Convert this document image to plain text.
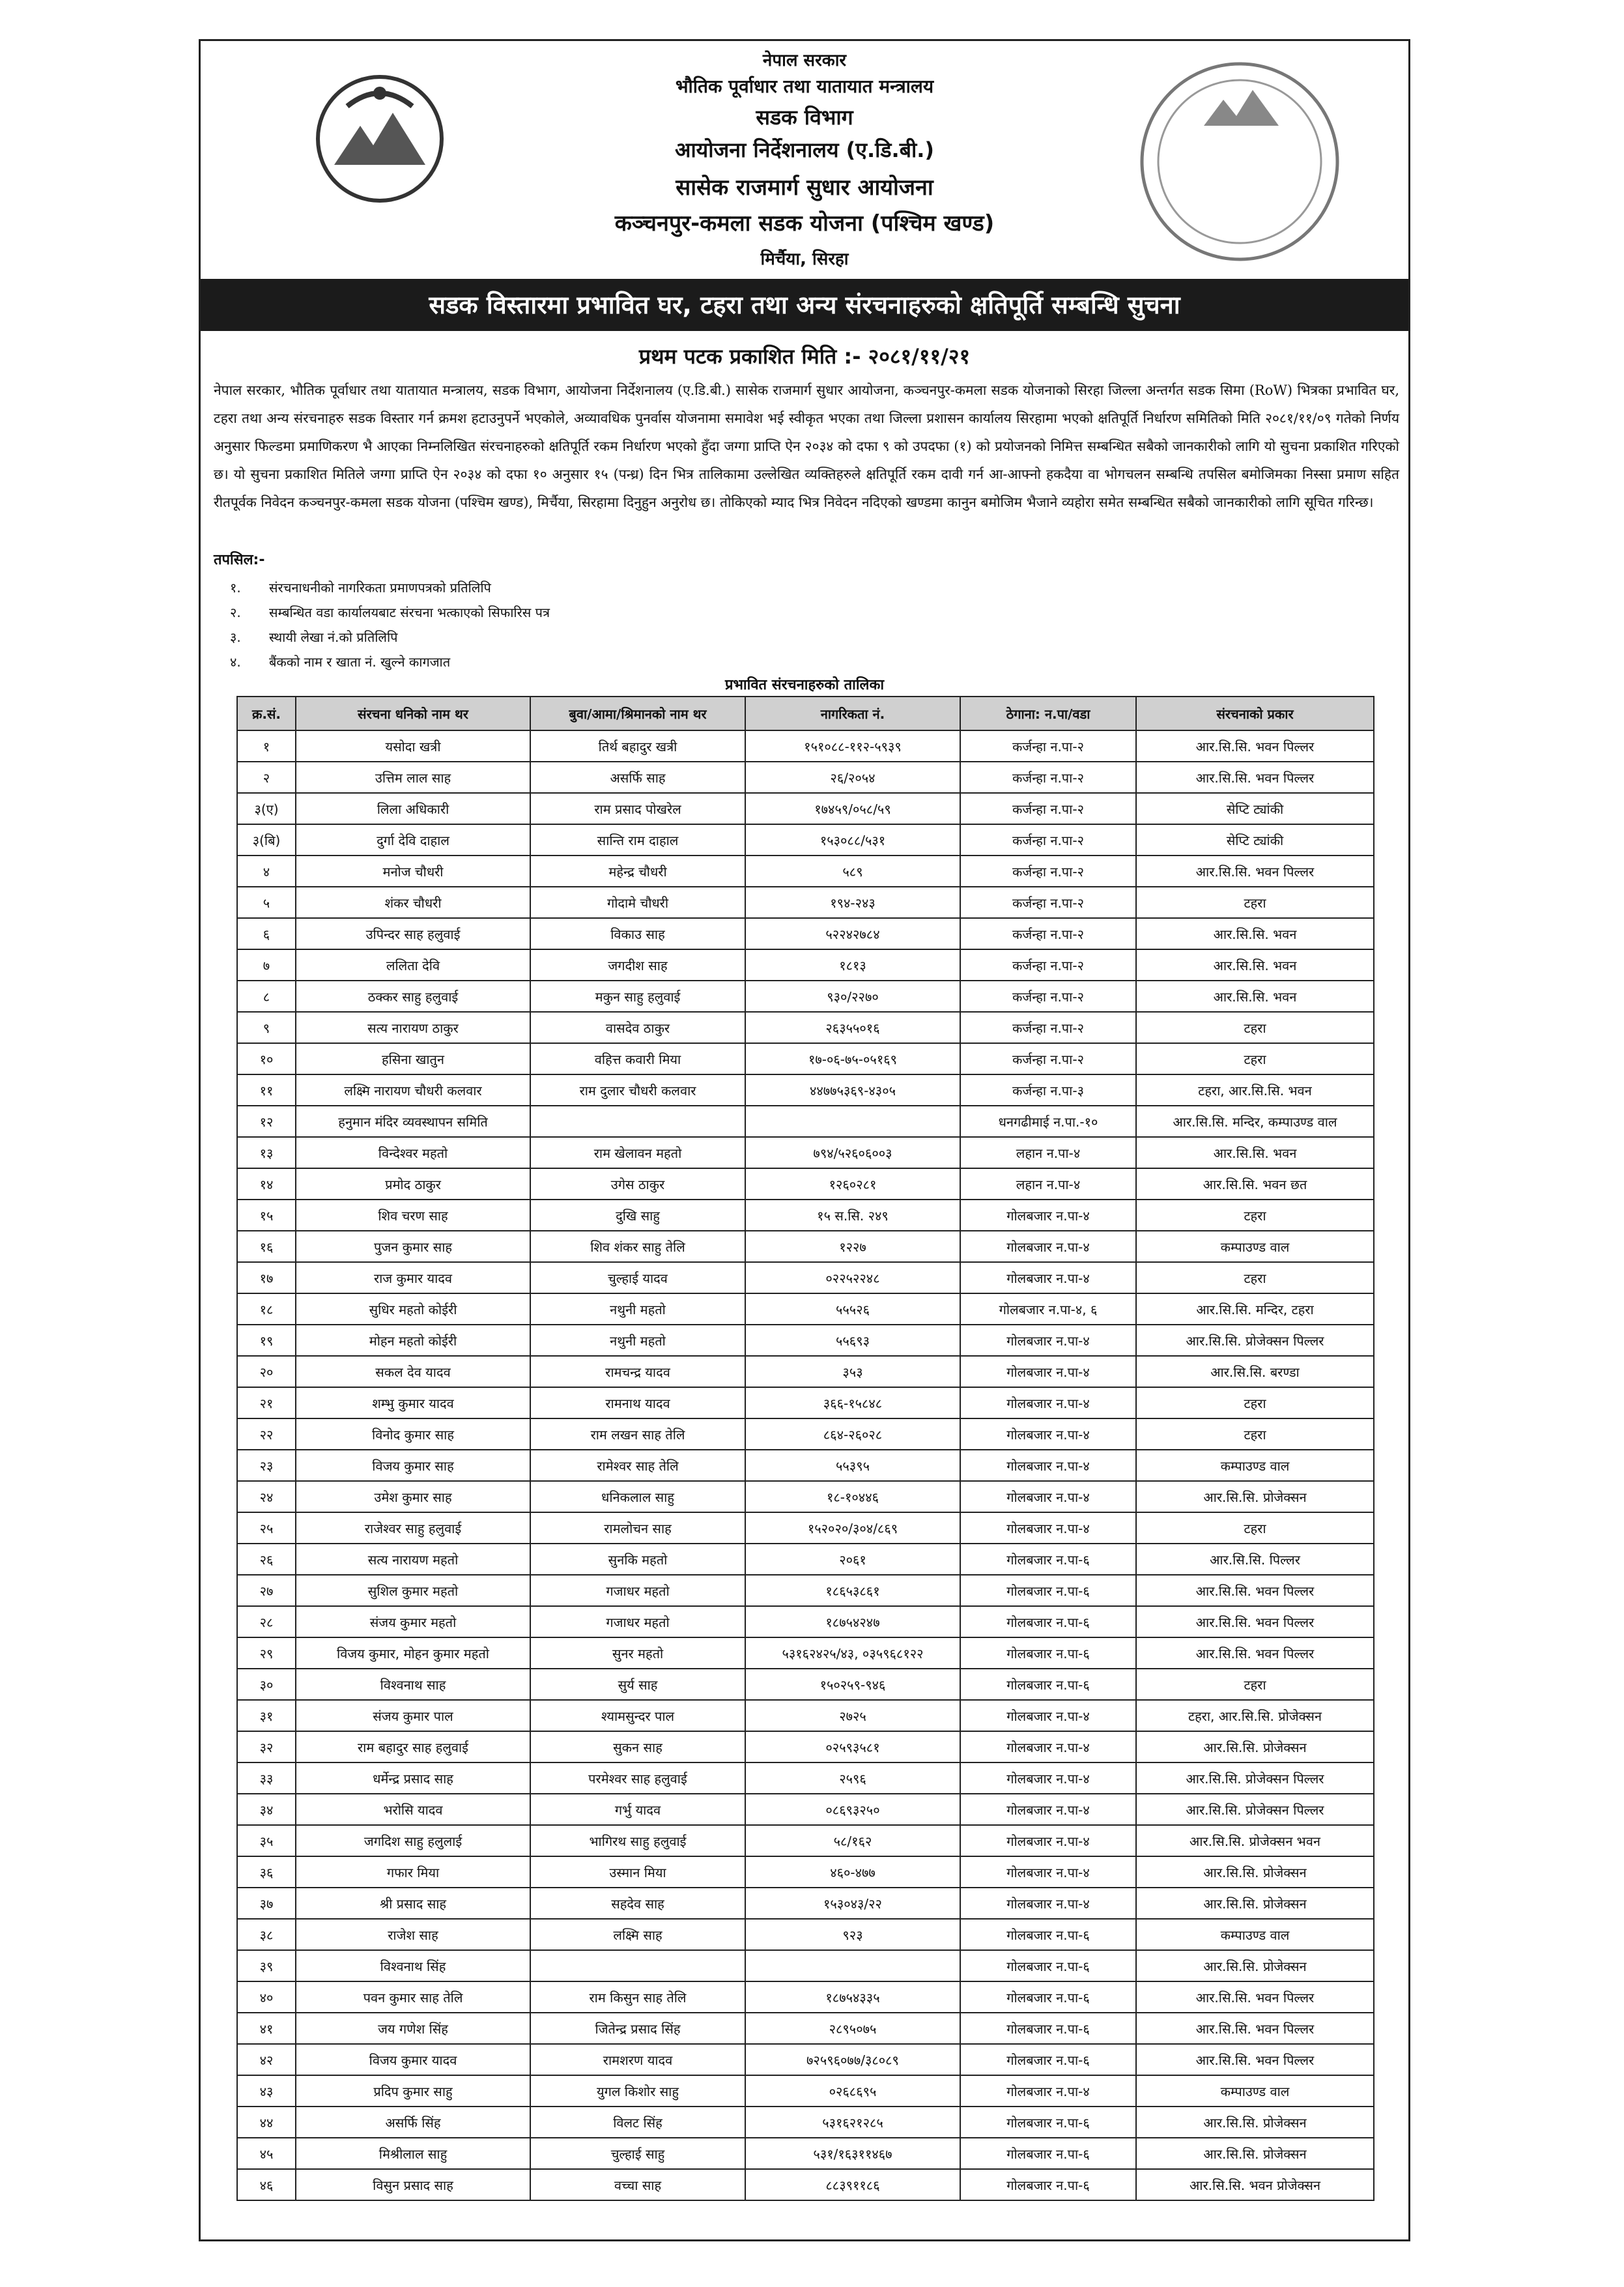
नेपाल सरकार
भौतिक पूर्वाधार तथा यातायात मन्त्रालय
सडक विभाग
आयोजना निर्देशनालय (ए.डि.बी.)
सासेक राजमार्ग सुधार आयोजना
कञ्चनपुर-कमला सडक योजना (पश्चिम खण्ड)
मिर्चैया, सिरहा
सडक विस्तारमा प्रभावित घर, टहरा तथा अन्य संरचनाहरुको क्षतिपूर्ति सम्बन्धि सुचना
प्रथम पटक प्रकाशित मिति :- २०८१/११/२१
नेपाल सरकार, भौतिक पूर्वाधार तथा यातायात मन्त्रालय, सडक विभाग, आयोजना निर्देशनालय (ए.डि.बी.) सासेक राजमार्ग सुधार आयोजना, कञ्चनपुर-कमला सडक योजनाको सिरहा जिल्ला अन्तर्गत सडक सिमा (RoW) भित्रका प्रभावित घर, टहरा तथा अन्य संरचनाहरु सडक विस्तार गर्न क्रमश हटाउनुपर्ने भएकोले, अव्यावधिक पुनर्वास योजनामा समावेश भई स्वीकृत भएका तथा जिल्ला प्रशासन कार्यालय सिरहामा भएको क्षतिपूर्ति निर्धारण समितिको मिति २०८१/११/०९ गतेको निर्णय अनुसार फिल्डमा प्रमाणिकरण भै आएका निम्नलिखित संरचनाहरुको क्षतिपूर्ति रकम निर्धारण भएको हुँदा जग्गा प्राप्ति ऐन २०३४ को दफा ९ को उपदफा (१) को प्रयोजनको निमित्त सम्बन्धित सबैको जानकारीको लागि यो सुचना प्रकाशित गरिएको छ। यो सुचना प्रकाशित मितिले जग्गा प्राप्ति ऐन २०३४ को दफा १० अनुसार १५ (पन्ध्र) दिन भित्र तालिकामा उल्लेखित व्यक्तिहरुले क्षतिपूर्ति रकम दावी गर्न आ-आफ्नो हकदैया वा भोगचलन सम्बन्धि तपसिल बमोजिमका निस्सा प्रमाण सहित रीतपूर्वक निवेदन कञ्चनपुर-कमला सडक योजना (पश्चिम खण्ड), मिर्चैया, सिरहामा दिनुहुन अनुरोध छ। तोकिएको म्याद भित्र निवेदन नदिएको खण्डमा कानुन बमोजिम भैजाने व्यहोरा समेत सम्बन्धित सबैको जानकारीको लागि सूचित गरिन्छ।
तपसिल:-
१. संरचनाधनीको नागरिकता प्रमाणपत्रको प्रतिलिपि
२. सम्बन्धित वडा कार्यालयबाट संरचना भत्काएको सिफारिस पत्र
३. स्थायी लेखा नं.को प्रतिलिपि
४. बैंकको नाम र खाता नं. खुल्ने कागजात
प्रभावित संरचनाहरुको तालिका
क्र.सं.	संरचना धनिको नाम थर	बुवा/आमा/श्रिमानको नाम थर	नागरिकता नं.	ठेगाना: न.पा/वडा	संरचनाको प्रकार
१	यसोदा खत्री	तिर्थ बहादुर खत्री	१५१०८८-११२-५९३९	कर्जन्हा न.पा-२	आर.सि.सि. भवन पिल्लर
२	उत्तिम लाल साह	असर्फि साह	२६/२०५४	कर्जन्हा न.पा-२	आर.सि.सि. भवन पिल्लर
३(ए)	लिला अधिकारी	राम प्रसाद पोखरेल	१७४५९/०५८/५९	कर्जन्हा न.पा-२	सेप्टि ट्यांकी
३(बि)	दुर्गा देवि दाहाल	सान्ति राम दाहाल	१५३०८८/५३१	कर्जन्हा न.पा-२	सेप्टि ट्यांकी
४	मनोज चौधरी	महेन्द्र चौधरी	५८९	कर्जन्हा न.पा-२	आर.सि.सि. भवन पिल्लर
५	शंकर चौधरी	गोदामे चौधरी	१९४-२४३	कर्जन्हा न.पा-२	टहरा
६	उपिन्दर साह हलुवाई	विकाउ साह	५२२४२७८४	कर्जन्हा न.पा-२	आर.सि.सि. भवन
७	ललिता देवि	जगदीश साह	१८१३	कर्जन्हा न.पा-२	आर.सि.सि. भवन
८	ठक्कर साहु हलुवाई	मकुन साहु हलुवाई	९३०/२२७०	कर्जन्हा न.पा-२	आर.सि.सि. भवन
९	सत्य नारायण ठाकुर	वासदेव ठाकुर	२६३५५०१६	कर्जन्हा न.पा-२	टहरा
१०	हसिना खातुन	वहित्त कवारी मिया	१७-०६-७५-०५१६९	कर्जन्हा न.पा-२	टहरा
११	लक्ष्मि नारायण चौधरी कलवार	राम दुलार चौधरी कलवार	४४७७५३६९-४३०५	कर्जन्हा न.पा-३	टहरा, आर.सि.सि. भवन
१२	हनुमान मंदिर व्यवस्थापन समिति			धनगढीमाई न.पा.-१०	आर.सि.सि. मन्दिर, कम्पाउण्ड वाल
१३	विन्देश्वर महतो	राम खेलावन महतो	७९४/५२६०६००३	लहान न.पा-४	आर.सि.सि. भवन
१४	प्रमोद ठाकुर	उगेस ठाकुर	१२६०२८१	लहान न.पा-४	आर.सि.सि. भवन छत
१५	शिव चरण साह	दुखि साहु	१५ स.सि. २४९	गोलबजार न.पा-४	टहरा
१६	पुजन कुमार साह	शिव शंकर साहु तेलि	१२२७	गोलबजार न.पा-४	कम्पाउण्ड वाल
१७	राज कुमार यादव	चुल्हाई यादव	०२२५२२४८	गोलबजार न.पा-४	टहरा
१८	सुधिर महतो कोईरी	नथुनी महतो	५५५२६	गोलबजार न.पा-४, ६	आर.सि.सि. मन्दिर, टहरा
१९	मोहन महतो कोईरी	नथुनी महतो	५५६९३	गोलबजार न.पा-४	आर.सि.सि. प्रोजेक्सन पिल्लर
२०	सकल देव यादव	रामचन्द्र यादव	३५३	गोलबजार न.पा-४	आर.सि.सि. बरण्डा
२१	शम्भु कुमार यादव	रामनाथ यादव	३६६-१५८४८	गोलबजार न.पा-४	टहरा
२२	विनोद कुमार साह	राम लखन साह तेलि	८६४-२६०२८	गोलबजार न.पा-४	टहरा
२३	विजय कुमार साह	रामेश्वर साह तेलि	५५३९५	गोलबजार न.पा-४	कम्पाउण्ड वाल
२४	उमेश कुमार साह	धनिकलाल साहु	१८-१०४४६	गोलबजार न.पा-४	आर.सि.सि. प्रोजेक्सन
२५	राजेश्वर साहु हलुवाई	रामलोचन साह	१५२०२०/३०४/८६९	गोलबजार न.पा-४	टहरा
२६	सत्य नारायण महतो	सुनकि महतो	२०६१	गोलबजार न.पा-६	आर.सि.सि. पिल्लर
२७	सुशिल कुमार महतो	गजाधर महतो	१८६५३८६१	गोलबजार न.पा-६	आर.सि.सि. भवन पिल्लर
२८	संजय कुमार महतो	गजाधर महतो	१८७५४२४७	गोलबजार न.पा-६	आर.सि.सि. भवन पिल्लर
२९	विजय कुमार, मोहन कुमार महतो	सुनर महतो	५३१६२४२५/४३, ०३५९६८१२२	गोलबजार न.पा-६	आर.सि.सि. भवन पिल्लर
३०	विश्वनाथ साह	सुर्य साह	१५०२५९-९४६	गोलबजार न.पा-६	टहरा
३१	संजय कुमार पाल	श्यामसुन्दर पाल	२७२५	गोलबजार न.पा-४	टहरा, आर.सि.सि. प्रोजेक्सन
३२	राम बहादुर साह हलुवाई	सुकन साह	०२५९३५८१	गोलबजार न.पा-४	आर.सि.सि. प्रोजेक्सन
३३	धर्मेन्द्र प्रसाद साह	परमेश्वर साह हलुवाई	२५९६	गोलबजार न.पा-४	आर.सि.सि. प्रोजेक्सन पिल्लर
३४	भरोसि यादव	गर्भु यादव	०८६९३२५०	गोलबजार न.पा-४	आर.सि.सि. प्रोजेक्सन पिल्लर
३५	जगदिश साहु हलुलाई	भागिरथ साहु हलुवाई	५८/१६२	गोलबजार न.पा-४	आर.सि.सि. प्रोजेक्सन भवन
३६	गफार मिया	उस्मान मिया	४६०-४७७	गोलबजार न.पा-४	आर.सि.सि. प्रोजेक्सन
३७	श्री प्रसाद साह	सहदेव साह	१५३०४३/२२	गोलबजार न.पा-४	आर.सि.सि. प्रोजेक्सन
३८	राजेश साह	लक्ष्मि साह	९२३	गोलबजार न.पा-६	कम्पाउण्ड वाल
३९	विश्वनाथ सिंह			गोलबजार न.पा-६	आर.सि.सि. प्रोजेक्सन
४०	पवन कुमार साह तेलि	राम किसुन साह तेलि	१८७५४३३५	गोलबजार न.पा-६	आर.सि.सि. भवन पिल्लर
४१	जय गणेश सिंह	जितेन्द्र प्रसाद सिंह	२८९५०७५	गोलबजार न.पा-६	आर.सि.सि. भवन पिल्लर
४२	विजय कुमार यादव	रामशरण यादव	७२५९६०७७/३८०८९	गोलबजार न.पा-६	आर.सि.सि. भवन पिल्लर
४३	प्रदिप कुमार साहु	युगल किशोर साहु	०२६८६९५	गोलबजार न.पा-४	कम्पाउण्ड वाल
४४	असर्फि सिंह	विलट सिंह	५३१६२१२८५	गोलबजार न.पा-६	आर.सि.सि. प्रोजेक्सन
४५	मिश्रीलाल साहु	चुल्हाई साहु	५३१/१६३११४६७	गोलबजार न.पा-६	आर.सि.सि. प्रोजेक्सन
४६	विसुन प्रसाद साह	वच्चा साह	८८३९११८६	गोलबजार न.पा-६	आर.सि.सि. भवन प्रोजेक्सन
